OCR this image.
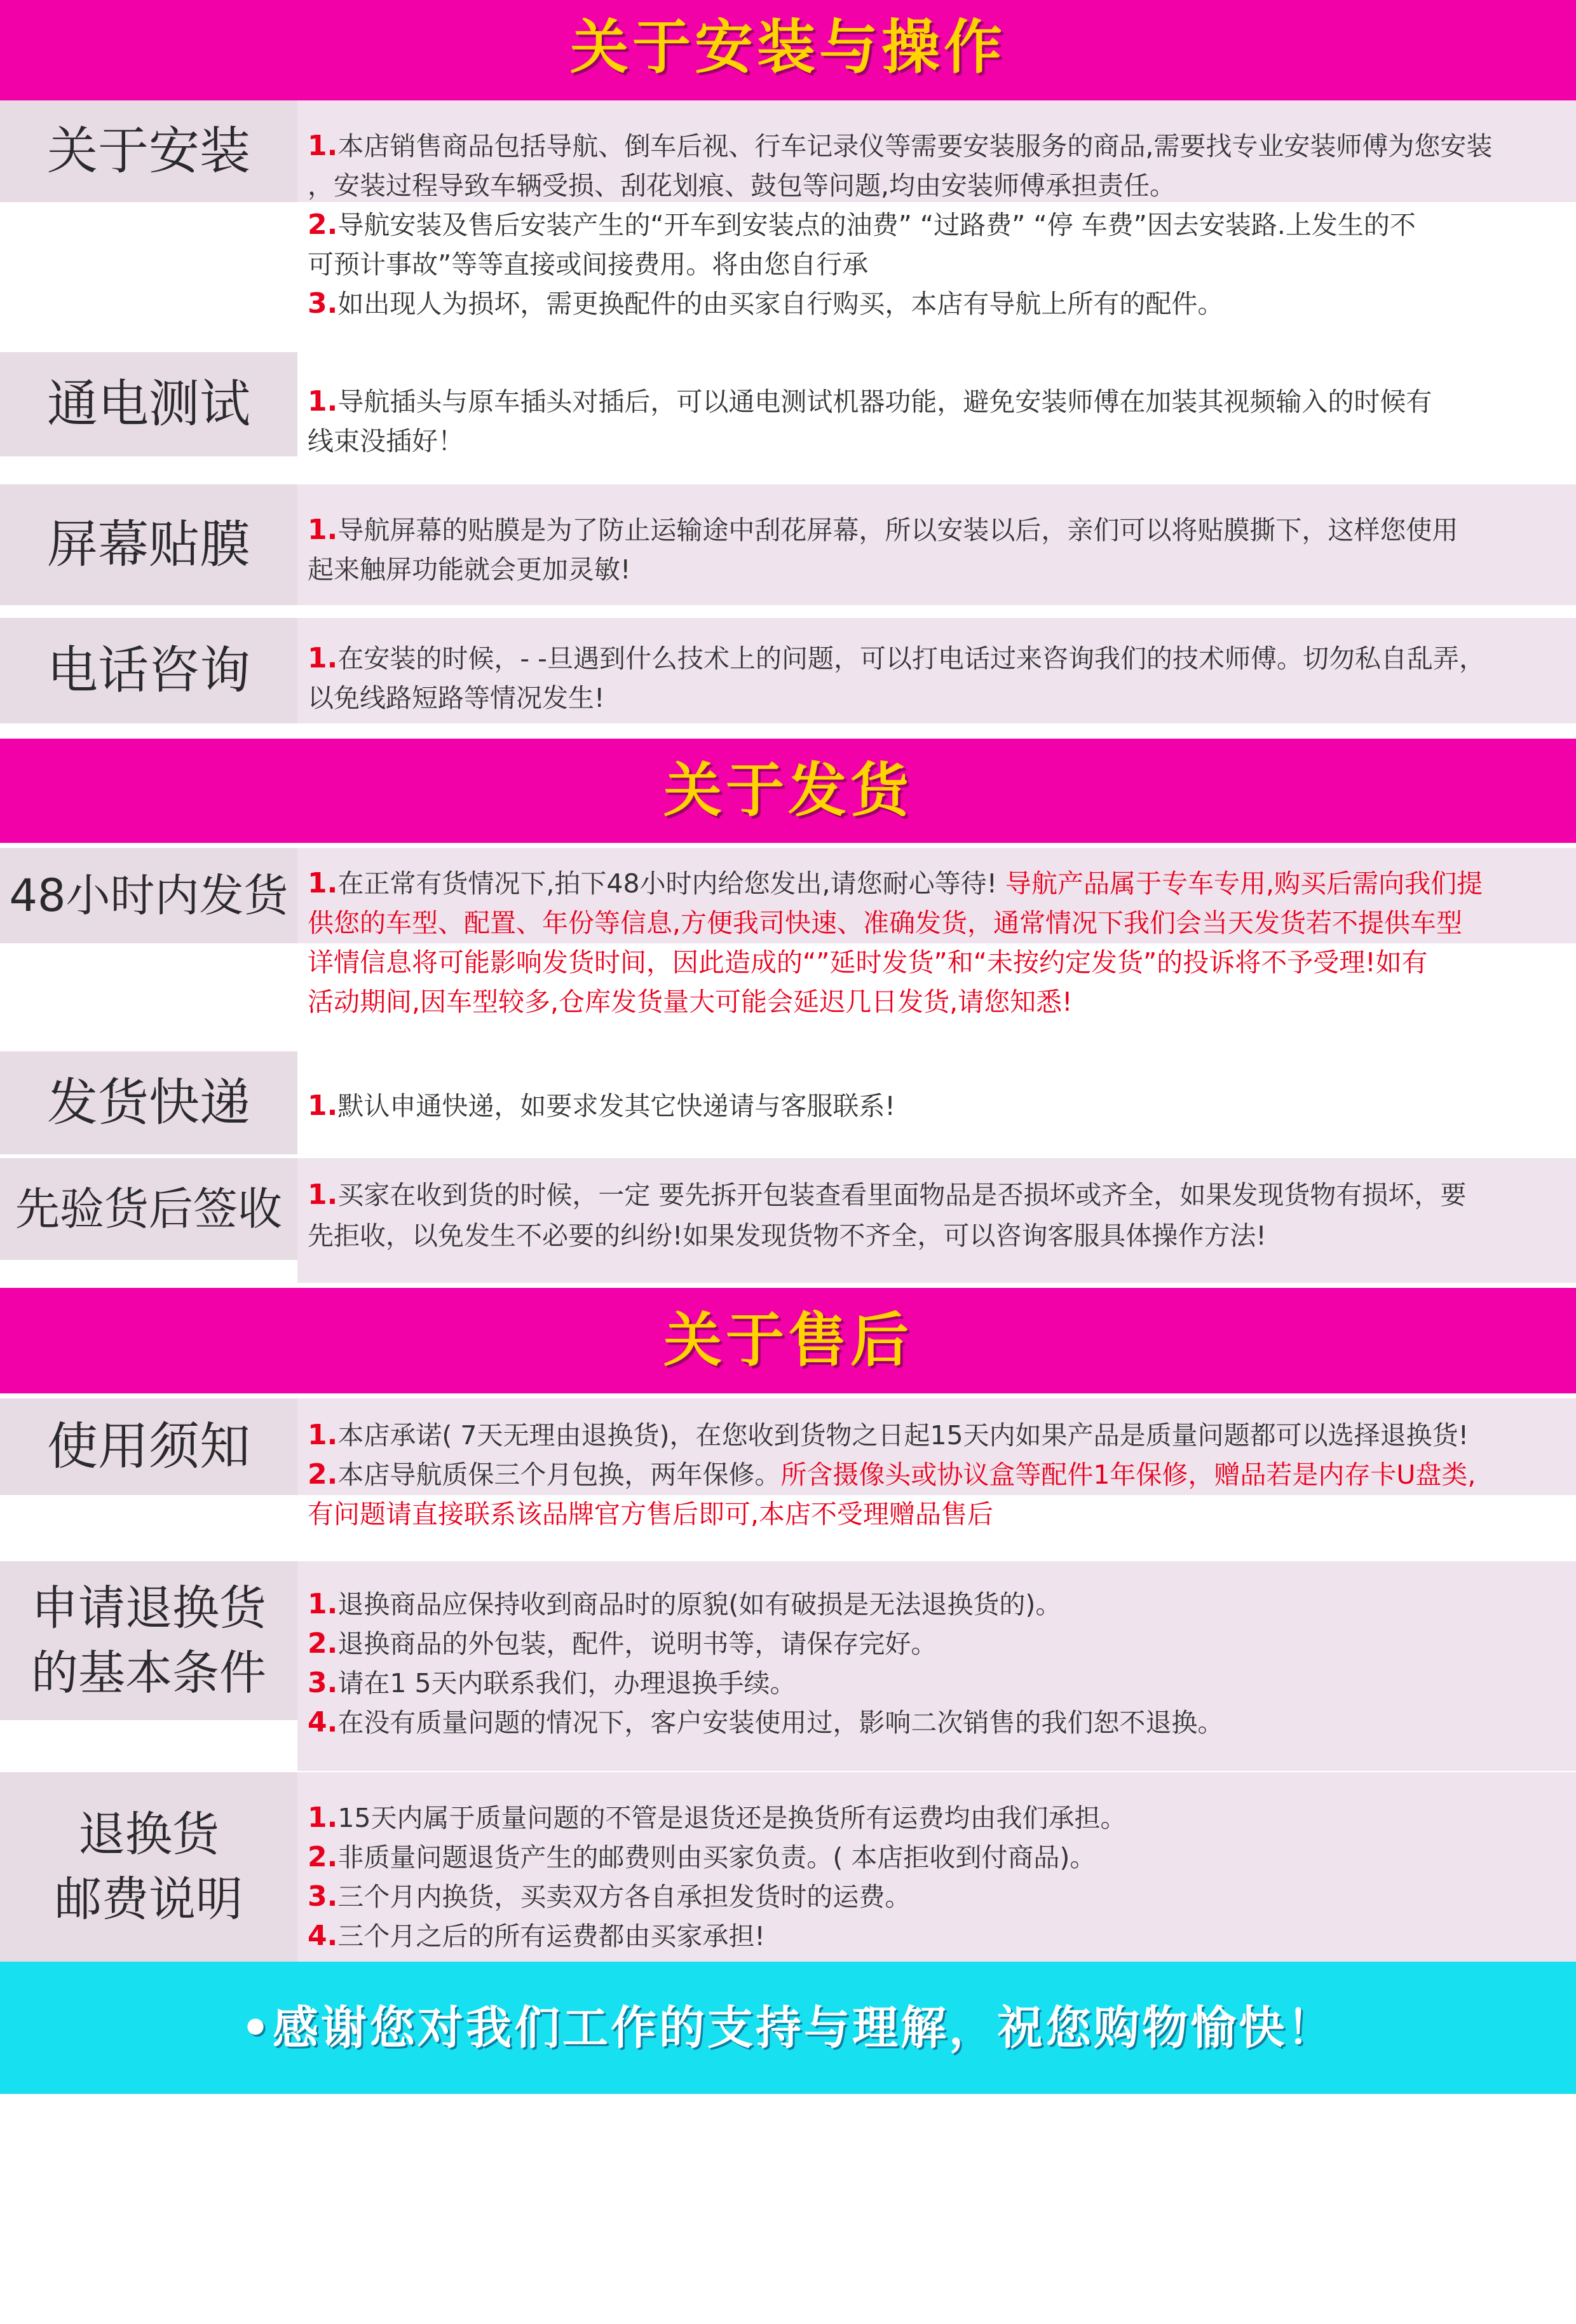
关于安装与操作
关于安装	1.本店销售商品包括导航、倒车后视、行车记录仪等需要安装服务的商品,需要找专业安装师傅为您安装
，安装过程导致车辆受损、刮花划痕、鼓包等问题,均由安装师傅承担责任。
2.导航安装及售后安装产生的“开车到安装点的油费” “过路费” “停 车费”因去安装路.上发生的不
可预计事故”等等直接或间接费用。将由您自行承
3.如出现人为损坏，需更换配件的由买家自行购买，本店有导航上所有的配件。
通电测试	1.导航插头与原车插头对插后，可以通电测试机器功能，避免安装师傅在加装其视频输入的时候有
线束没插好！
屏幕贴膜	1.导航屏幕的贴膜是为了防止运输途中刮花屏幕，所以安装以后，亲们可以将贴膜撕下，这样您使用
起来触屏功能就会更加灵敏!
电话咨询	1.在安装的时候，- -旦遇到什么技术上的问题，可以打电话过来咨询我们的技术师傅。切勿私自乱弄，
以免线路短路等情况发生!
关于发货
48小时内发货 1.在正常有货情况下,拍下48小时内给您发出,请您耐心等待! 导航产品属于专车专用,购买后需向我们提
供您的车型、配置、年份等信息,方便我司快速、准确发货，通常情况下我们会当天发货若不提供车型
详情信息将可能影响发货时间，因此造成的“”延时发货”和“未按约定发货”的投诉将不予受理!如有
活动期间,因车型较多,仓库发货量大可能会延迟几日发货,请您知悉!
发货快递	1.默认申通快递，如要求发其它快递请与客服联系!
先验货后签收 1.买家在收到货的时候，一定 要先拆开包装查看里面物品是否损坏或齐全，如果发现货物有损坏，要
先拒收，以免发生不必要的纠纷!如果发现货物不齐全，可以咨询客服具体操作方法!
关于售后
使用须知	1.本店承诺( 7天无理由退换货)，在您收到货物之日起15天内如果产品是质量问题都可以选择退换货!
2.本店导航质保三个月包换，两年保修。所含摄像头或协议盒等配件1年保修，赠品若是内存卡U盘类,
有问题请直接联系该品牌官方售后即可,本店不受理赠品售后
申请退换货
的基本条件
1.退换商品应保持收到商品时的原貌(如有破损是无法退换货的)。
2.退换商品的外包装，配件，说明书等，请保存完好。
3.请在1 5天内联系我们，办理退换手续。
4.在没有质量问题的情况下，客户安装使用过，影响二次销售的我们恕不退换。
退换货
邮费说明
1.15天内属于质量问题的不管是退货还是换货所有运费均由我们承担。
2.非质量问题退货产生的邮费则由买家负责。( 本店拒收到付商品)。
3.三个月内换货，买卖双方各自承担发货时的运费。
4.三个月之后的所有运费都由买家承担!
•感谢您对我们工作的支持与理解，祝您购物愉快！
